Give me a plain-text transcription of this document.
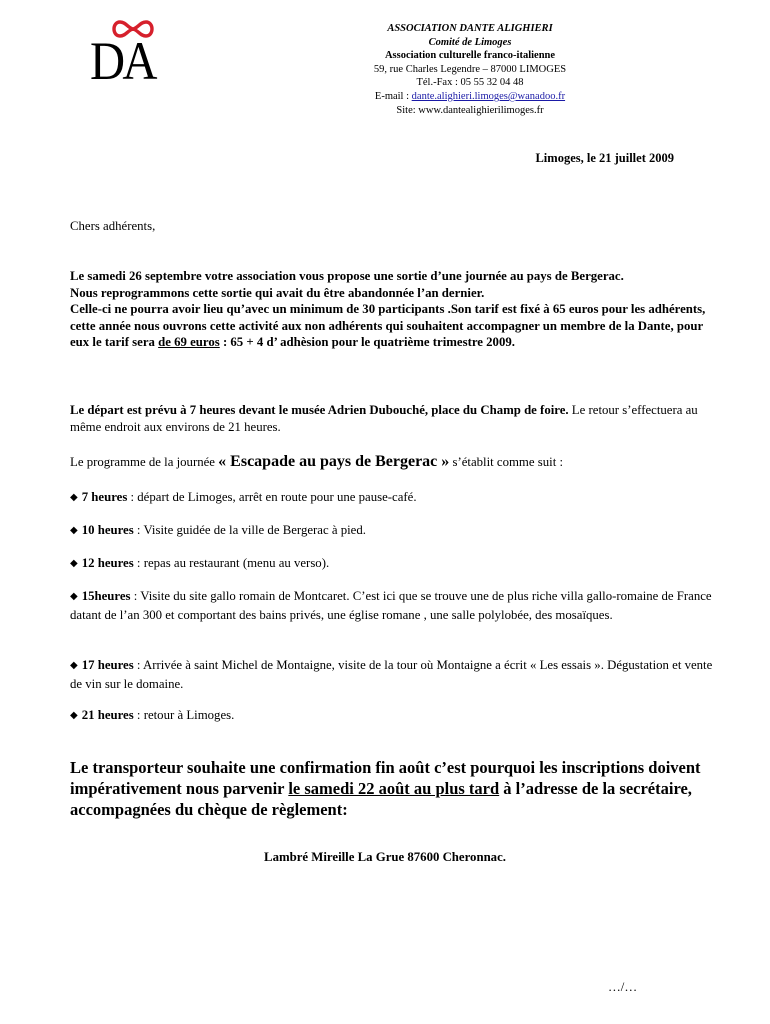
DA
ASSOCIATION DANTE ALIGHIERI
Comité de Limoges
Association culturelle franco-italienne
59, rue Charles Legendre – 87000 LIMOGES
Tél.-Fax : 05 55 32 04 48
E-mail : dante.alighieri.limoges@wanadoo.fr
Site: www.dantealighierilimoges.fr
Limoges, le 21 juillet 2009
Chers adhérents,
Le samedi 26 septembre votre association vous propose une sortie d’une journée au pays de Bergerac.
Nous reprogrammons cette sortie qui avait du être abandonnée l’an dernier.
Celle-ci ne pourra avoir lieu qu’avec un minimum de 30 participants .Son tarif est fixé à 65 euros pour les adhérents, cette année nous ouvrons cette activité aux non adhérents qui souhaitent accompagner un membre de la Dante, pour eux le tarif sera de 69 euros : 65 + 4 d’ adhèsion pour le quatrième trimestre 2009.
Le départ est prévu à 7 heures devant le musée Adrien Dubouché, place du Champ de foire. Le retour s’effectuera au même endroit aux environs de 21 heures.
Le programme de la journée « Escapade au pays de Bergerac » s’établit comme suit :
◆ 7 heures : départ de Limoges, arrêt en route pour une pause-café.
◆ 10 heures : Visite guidée de la ville de Bergerac à pied.
◆ 12 heures : repas au restaurant (menu au verso).
◆ 15heures : Visite du site gallo romain de Montcaret. C’est ici que se trouve une de plus riche villa gallo-romaine de France datant de l’an 300 et comportant des bains privés, une église romane , une salle polylobée, des mosaïques.
◆ 17 heures : Arrivée à saint Michel de Montaigne, visite de la tour où Montaigne a écrit « Les essais ». Dégustation et vente de vin sur le domaine.
◆ 21 heures : retour à Limoges.
Le transporteur souhaite une confirmation fin août c’est pourquoi les inscriptions doivent impérativement nous parvenir le samedi 22 août au plus tard à l’adresse de la secrétaire, accompagnées du chèque de règlement:
Lambré Mireille La Grue 87600 Cheronnac.
…/…
